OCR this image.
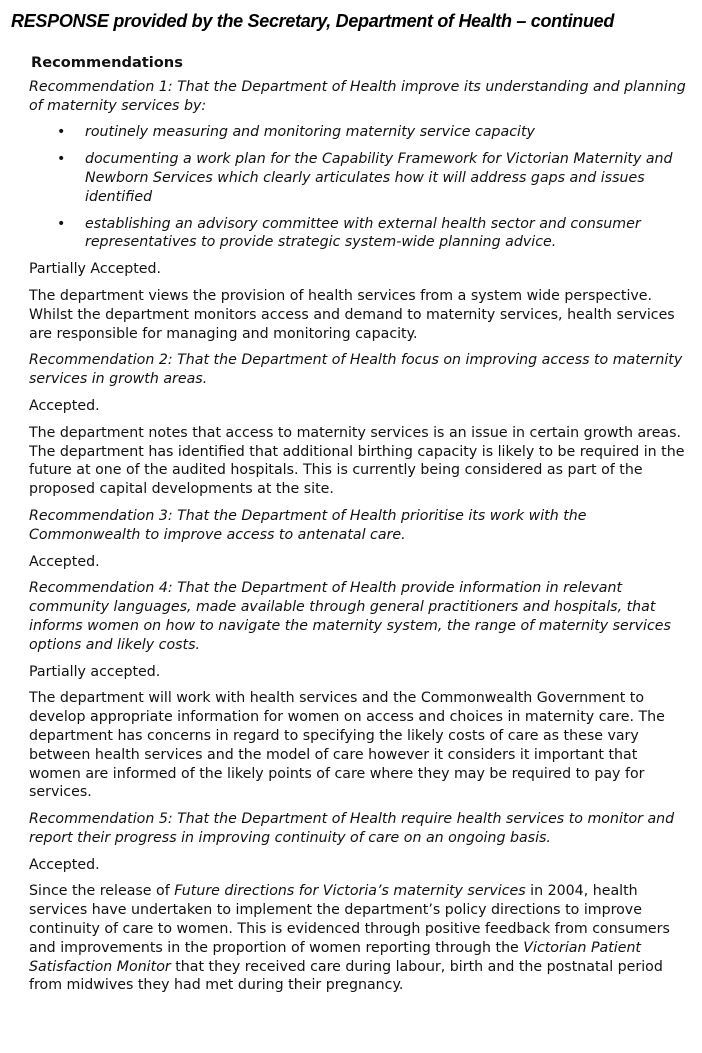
RESPONSE provided by the Secretary, Department of Health – continued
Recommendations

Recommendation 1: That the Department of Health improve its understanding and planning of maternity services by:

• routinely measuring and monitoring maternity service capacity
• documenting a work plan for the Capability Framework for Victorian Maternity and Newborn Services which clearly articulates how it will address gaps and issues identified
• establishing an advisory committee with external health sector and consumer representatives to provide strategic system-wide planning advice.

Partially Accepted.

The department views the provision of health services from a system wide perspective. Whilst the department monitors access and demand to maternity services, health services are responsible for managing and monitoring capacity.

Recommendation 2: That the Department of Health focus on improving access to maternity services in growth areas.

Accepted.

The department notes that access to maternity services is an issue in certain growth areas. The department has identified that additional birthing capacity is likely to be required in the future at one of the audited hospitals. This is currently being considered as part of the proposed capital developments at the site.

Recommendation 3: That the Department of Health prioritise its work with the Commonwealth to improve access to antenatal care.

Accepted.

Recommendation 4: That the Department of Health provide information in relevant community languages, made available through general practitioners and hospitals, that informs women on how to navigate the maternity system, the range of maternity services options and likely costs.

Partially accepted.

The department will work with health services and the Commonwealth Government to develop appropriate information for women on access and choices in maternity care. The department has concerns in regard to specifying the likely costs of care as these vary between health services and the model of care however it considers it important that women are informed of the likely points of care where they may be required to pay for services.

Recommendation 5: That the Department of Health require health services to monitor and report their progress in improving continuity of care on an ongoing basis.

Accepted.

Since the release of Future directions for Victoria’s maternity services in 2004, health services have undertaken to implement the department’s policy directions to improve continuity of care to women. This is evidenced through positive feedback from consumers and improvements in the proportion of women reporting through the Victorian Patient Satisfaction Monitor that they received care during labour, birth and the postnatal period from midwives they had met during their pregnancy.
